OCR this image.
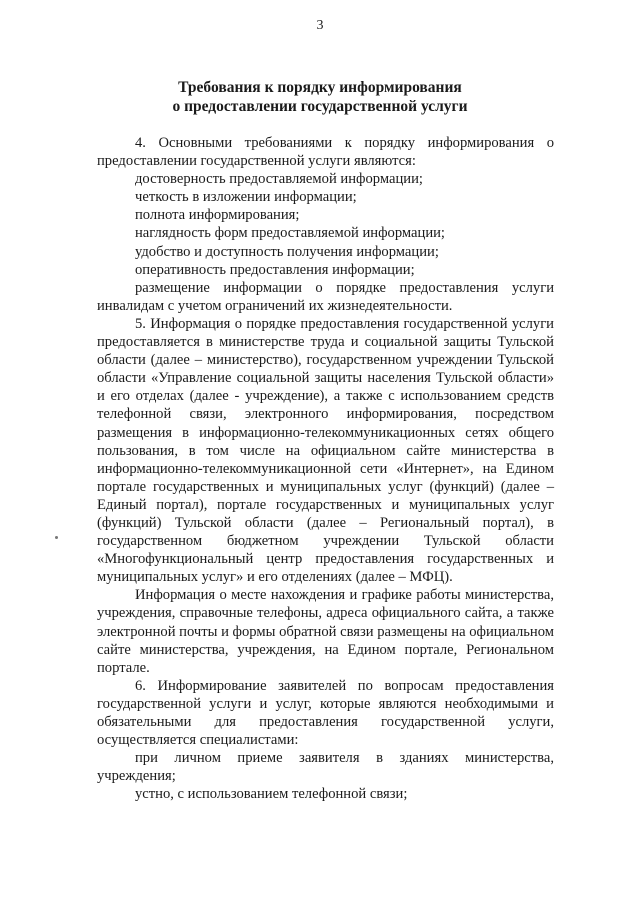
3
Требования к порядку информирования
о предоставлении государственной услуги

4. Основными требованиями к порядку информирования о предоставлении государственной услуги являются:

достоверность предоставляемой информации;

четкость в изложении информации;

полнота информирования;

наглядность форм предоставляемой информации;

удобство и доступность получения информации;

оперативность предоставления информации;

размещение информации о порядке предоставления услуги инвалидам с учетом ограничений их жизнедеятельности.

5. Информация о порядке предоставления государственной услуги предоставляется в министерстве труда и социальной защиты Тульской области (далее – министерство), государственном учреждении Тульской области «Управление социальной защиты населения Тульской области» и его отделах (далее - учреждение), а также с использованием средств телефонной связи, электронного информирования, посредством размещения в информационно-телекоммуникационных сетях общего пользования, в том числе на официальном сайте министерства в информационно-телекоммуникационной сети «Интернет», на Едином портале государственных и муниципальных услуг (функций) (далее – Единый портал), портале государственных и муниципальных услуг (функций) Тульской области (далее – Региональный портал), в государственном бюджетном учреждении Тульской области «Многофункциональный центр предоставления государственных и муниципальных услуг» и его отделениях (далее – МФЦ).

Информация о месте нахождения и графике работы министерства, учреждения, справочные телефоны, адреса официального сайта, а также электронной почты и формы обратной связи размещены на официальном сайте министерства, учреждения, на Едином портале, Региональном портале.

6. Информирование заявителей по вопросам предоставления государственной услуги и услуг, которые являются необходимыми и обязательными для предоставления государственной услуги, осуществляется специалистами:

при личном приеме заявителя в зданиях министерства, учреждения;

устно, с использованием телефонной связи;
